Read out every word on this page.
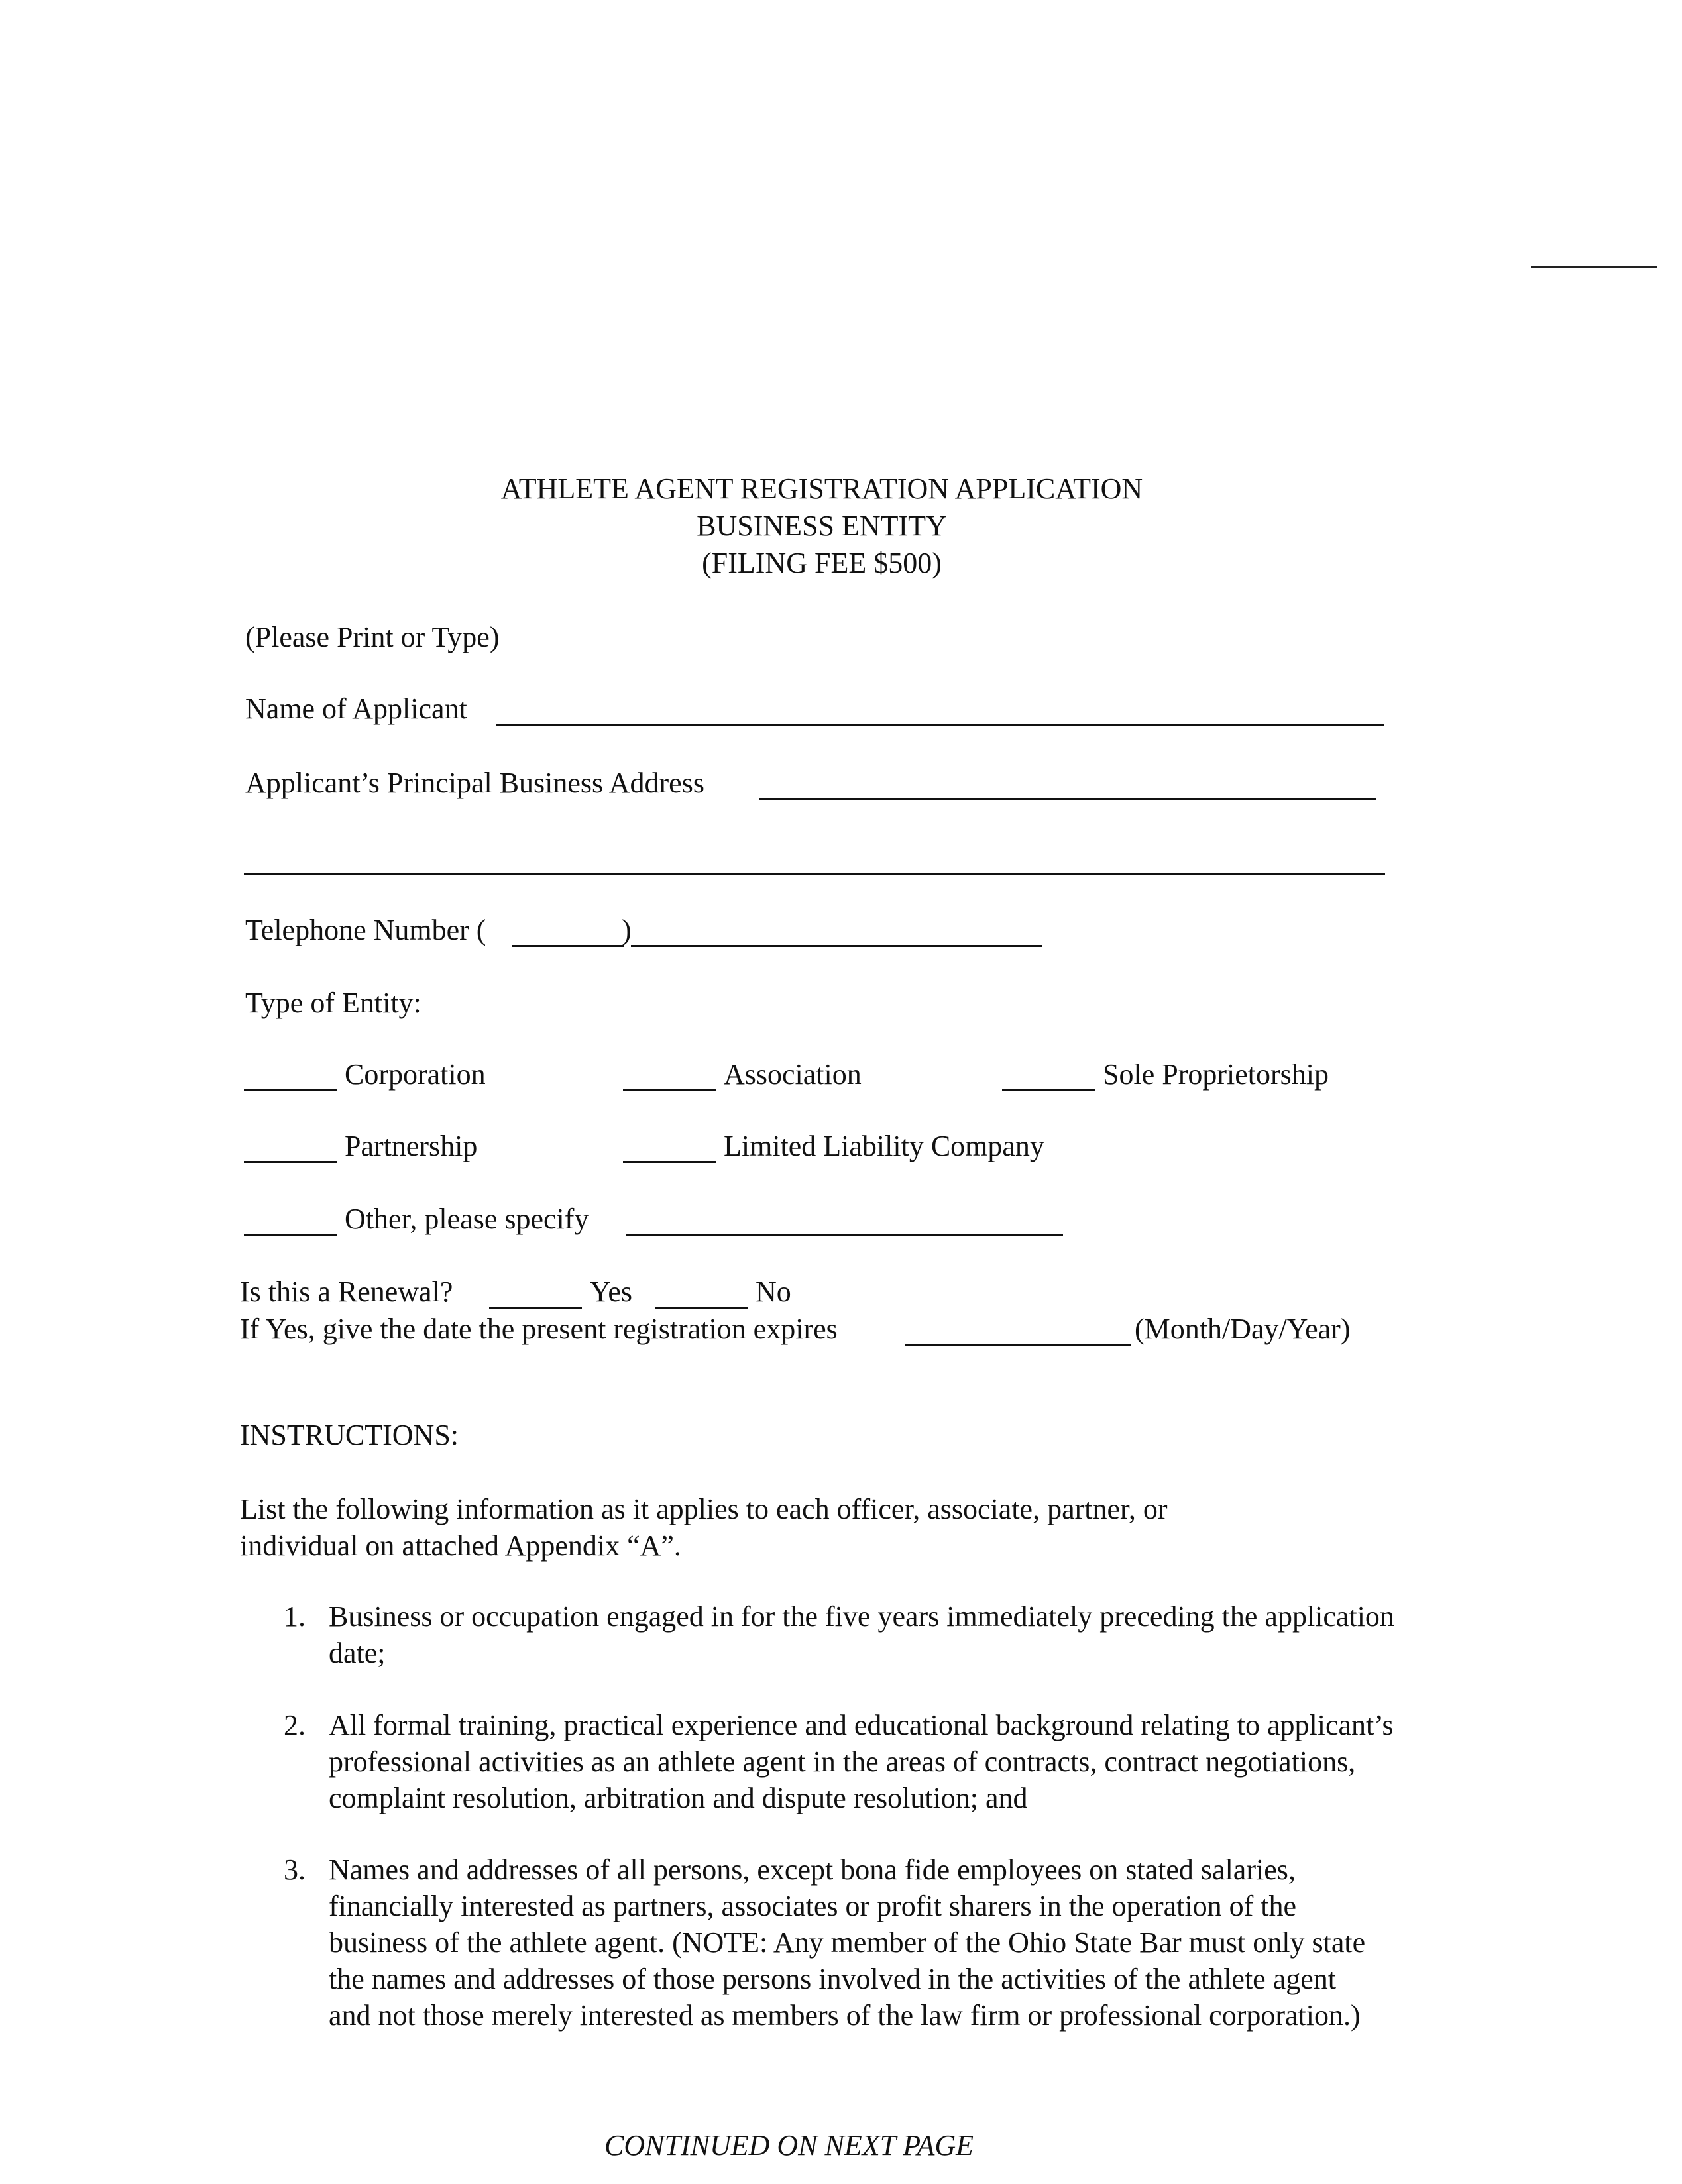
ATHLETE AGENT REGISTRATION APPLICATION
BUSINESS ENTITY
(FILING FEE $500)
(Please Print or Type)
Name of Applicant
Applicant’s Principal Business Address
Telephone Number (	)
Type of Entity:
Corporation	Association	Sole Proprietorship
Partnership	Limited Liability Company
Other, please specify
Is this a Renewal?	Yes	No
If Yes, give the date the present registration expires	(Month/Day/Year)
INSTRUCTIONS:
List the following information as it applies to each officer, associate, partner, or individual on attached Appendix “A”.
1. Business or occupation engaged in for the five years immediately preceding the application date;
2. All formal training, practical experience and educational background relating to applicant’s professional activities as an athlete agent in the areas of contracts, contract negotiations, complaint resolution, arbitration and dispute resolution; and
3. Names and addresses of all persons, except bona fide employees on stated salaries, financially interested as partners, associates or profit sharers in the operation of the business of the athlete agent. (NOTE: Any member of the Ohio State Bar must only state the names and addresses of those persons involved in the activities of the athlete agent and not those merely interested as members of the law firm or professional corporation.)
CONTINUED ON NEXT PAGE
